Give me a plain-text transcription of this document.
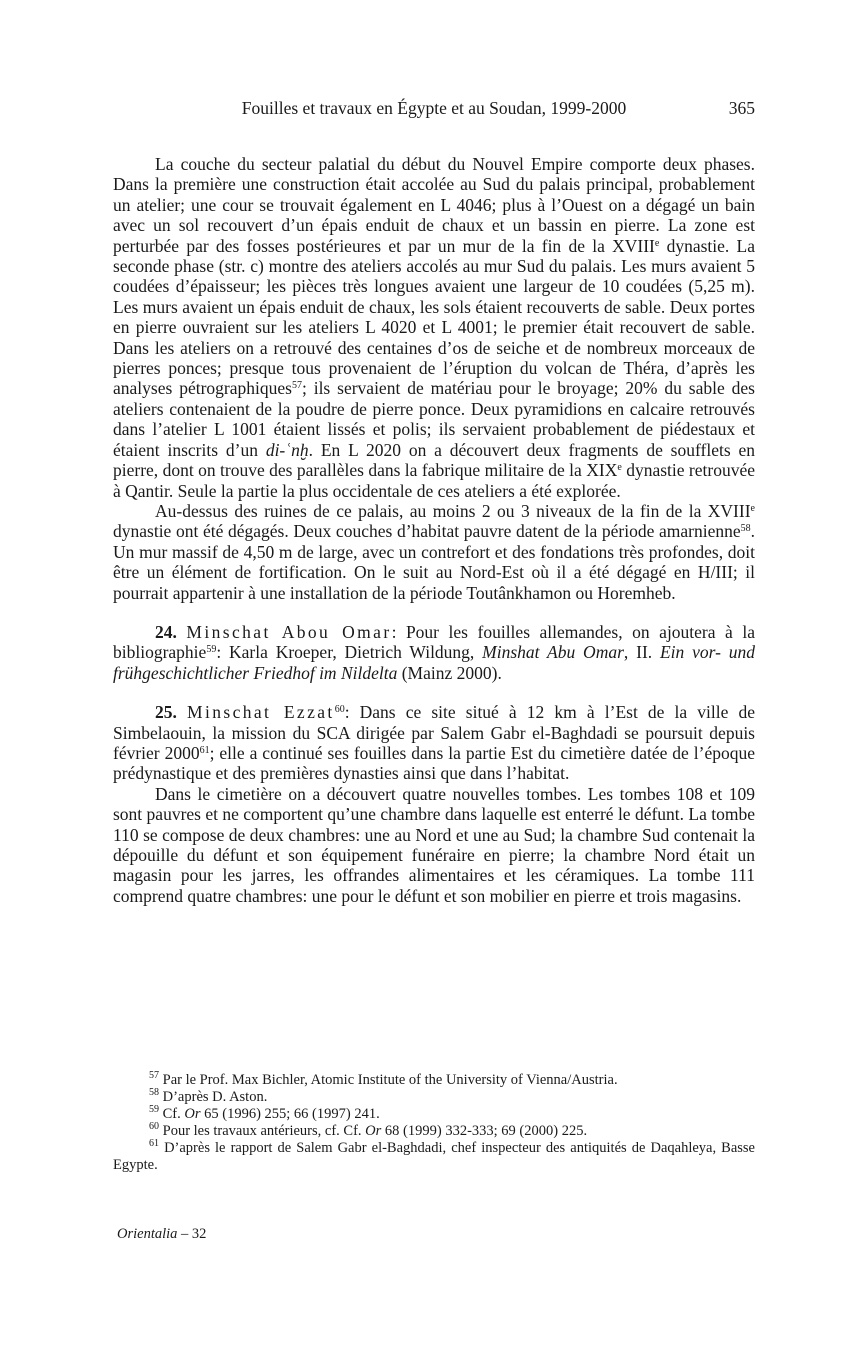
Fouilles et travaux en Égypte et au Soudan, 1999-2000	365

La couche du secteur palatial du début du Nouvel Empire comporte deux phases. Dans la première une construction était accolée au Sud du palais principal, probablement un atelier; une cour se trouvait également en L 4046; plus à l’Ouest on a dégagé un bain avec un sol recouvert d’un épais enduit de chaux et un bassin en pierre. La zone est perturbée par des fosses postérieures et par un mur de la fin de la XVIIIe dynastie. La seconde phase (str. c) montre des ateliers accolés au mur Sud du palais. Les murs avaient 5 coudées d’épaisseur; les pièces très longues avaient une largeur de 10 coudées (5,25 m). Les murs avaient un épais enduit de chaux, les sols étaient recouverts de sable. Deux portes en pierre ouvraient sur les ateliers L 4020 et L 4001; le premier était recouvert de sable. Dans les ateliers on a retrouvé des centaines d’os de seiche et de nombreux morceaux de pierres ponces; presque tous provenaient de l’éruption du volcan de Théra, d’après les analyses pétrographiques$^{57}$; ils servaient de matériau pour le broyage; 20% du sable des ateliers contenaient de la poudre de pierre ponce. Deux pyramidions en calcaire retrouvés dans l’atelier L 1001 étaient lissés et polis; ils servaient probablement de piédestaux et étaient inscrits d’un di-ʿnḫ. En L 2020 on a découvert deux fragments de soufflets en pierre, dont on trouve des parallèles dans la fabrique militaire de la XIXe dynastie retrouvée à Qantir. Seule la partie la plus occidentale de ces ateliers a été explorée.

Au-dessus des ruines de ce palais, au moins 2 ou 3 niveaux de la fin de la XVIIIe dynastie ont été dégagés. Deux couches d’habitat pauvre datent de la période amarnienne$^{58}$. Un mur massif de 4,50 m de large, avec un contrefort et des fondations très profondes, doit être un élément de fortification. On le suit au Nord-Est où il a été dégagé en H/III; il pourrait appartenir à une installation de la période Toutânkhamon ou Horemheb.

24. Minschat Abou Omar: Pour les fouilles allemandes, on ajoutera à la bibliographie$^{59}$: Karla Kroeper, Dietrich Wildung, Minshat Abu Omar, II. Ein vor- und frühgeschichtlicher Friedhof im Nildelta (Mainz 2000).

25. Minschat Ezzat$^{60}$: Dans ce site situé à 12 km à l’Est de la ville de Simbelaouin, la mission du SCA dirigée par Salem Gabr el-Baghdadi se poursuit depuis février 2000$^{61}$; elle a continué ses fouilles dans la partie Est du cimetière datée de l’époque prédynastique et des premières dynasties ainsi que dans l’habitat.

Dans le cimetière on a découvert quatre nouvelles tombes. Les tombes 108 et 109 sont pauvres et ne comportent qu’une chambre dans laquelle est enterré le défunt. La tombe 110 se compose de deux chambres: une au Nord et une au Sud; la chambre Sud contenait la dépouille du défunt et son équipement funéraire en pierre; la chambre Nord était un magasin pour les jarres, les offrandes alimentaires et les céramiques. La tombe 111 comprend quatre chambres: une pour le défunt et son mobilier en pierre et trois magasins.

$^{57}$ Par le Prof. Max Bichler, Atomic Institute of the University of Vienna/Austria.

$^{58}$ D’après D. Aston.

$^{59}$ Cf. Or 65 (1996) 255; 66 (1997) 241.

$^{60}$ Pour les travaux antérieurs, cf. Cf. Or 68 (1999) 332-333; 69 (2000) 225.

$^{61}$ D’après le rapport de Salem Gabr el-Baghdadi, chef inspecteur des antiquités de Daqahleya, Basse Egypte.

Orientalia – 32
